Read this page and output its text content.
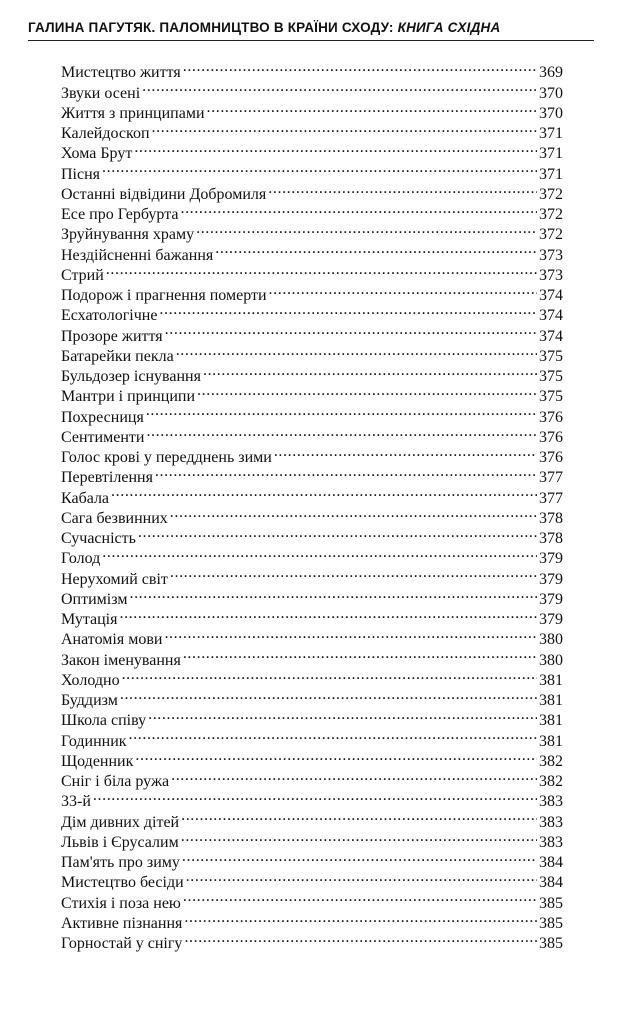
ГАЛИНА ПАГУТЯК. ПАЛОМНИЦТВО В КРАЇНИ СХОДУ: КНИГА СХІДНА
Мистецтво життя .....	369
Звуки осені .....	370
Життя з принципами .....	370
Калейдоскоп .....	371
Хома Брут .....	371
Пісня .....	371
Останні відвідини Добромиля .....	372
Есе про Гербурта .....	372
Зруйнування храму .....	372
Нездійсненні бажання .....	373
Стрий .....	373
Подорож і прагнення померти .....	374
Есхатологічне .....	374
Прозоре життя .....	374
Батарейки пекла .....	375
Бульдозер існування .....	375
Мантри і принципи .....	375
Похресниця .....	376
Сентименти .....	376
Голос крові у передднень зими .....	376
Перевтілення .....	377
Кабала .....	377
Сага безвинних .....	378
Сучасність .....	378
Голод .....	379
Нерухомий світ .....	379
Оптимізм .....	379
Мутація .....	379
Анатомія мови .....	380
Закон іменування .....	380
Холодно .....	381
Буддизм .....	381
Школа співу .....	381
Годинник .....	381
Щоденник .....	382
Сніг і біла ружа .....	382
33-й .....	383
Дім дивних дітей .....	383
Львів і Єрусалим .....	383
Пам'ять про зиму .....	384
Мистецтво бесіди .....	384
Стихія і поза нею .....	385
Активне пізнання .....	385
Горностай у снігу .....	385
